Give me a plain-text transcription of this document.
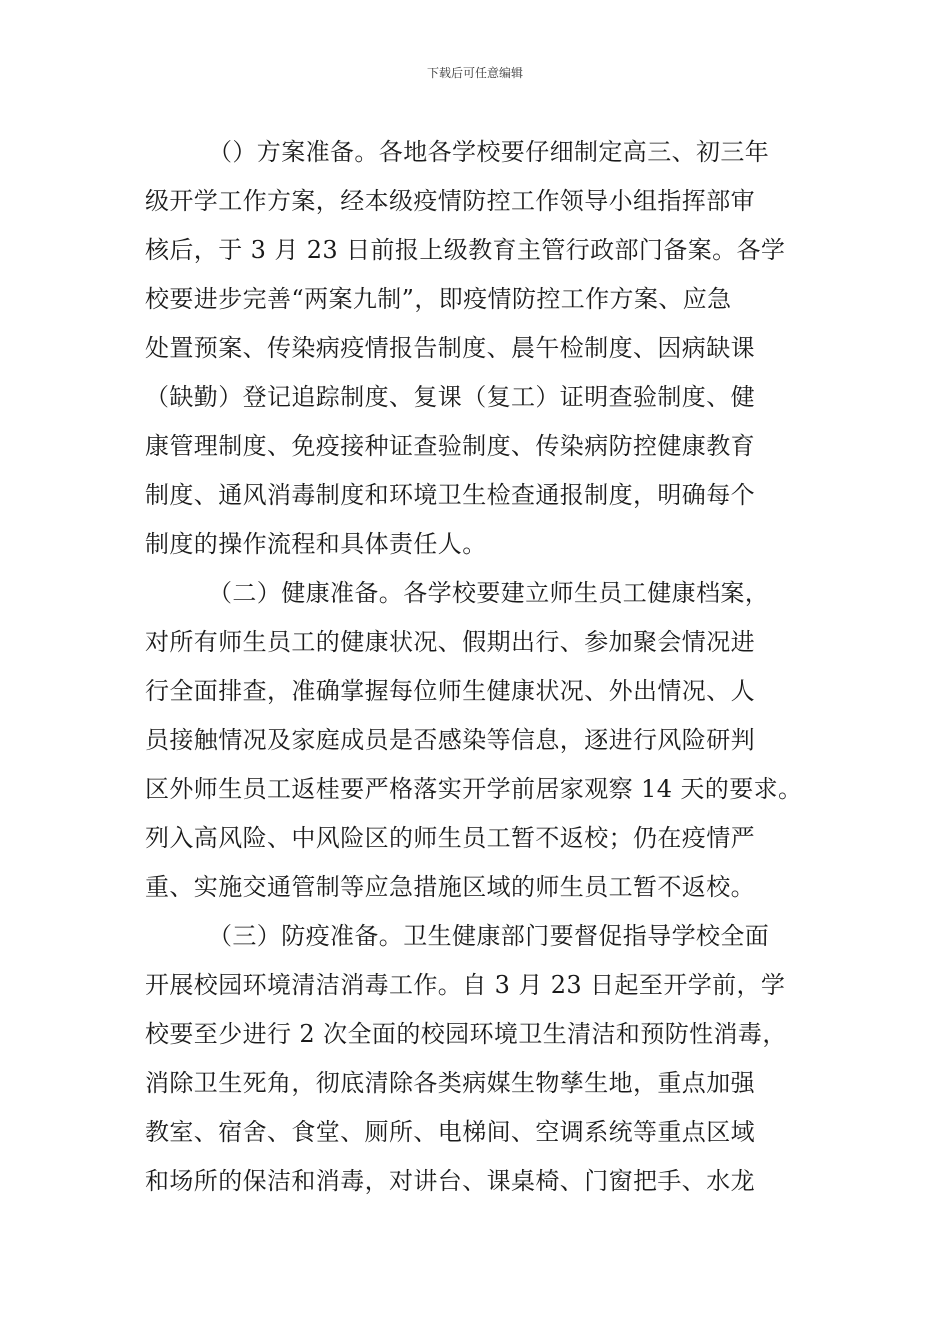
下载后可任意编辑
（）方案准备。各地各学校要仔细制定高三、初三年
级开学工作方案，经本级疫情防控工作领导小组指挥部审
核后，于 3 月 23 日前报上级教育主管行政部门备案。各学
校要进步完善“两案九制”，即疫情防控工作方案、应急
处置预案、传染病疫情报告制度、晨午检制度、因病缺课
（缺勤）登记追踪制度、复课（复工）证明查验制度、健
康管理制度、免疫接种证查验制度、传染病防控健康教育
制度、通风消毒制度和环境卫生检查通报制度，明确每个
制度的操作流程和具体责任人。
（二）健康准备。各学校要建立师生员工健康档案，
对所有师生员工的健康状况、假期出行、参加聚会情况进
行全面排查，准确掌握每位师生健康状况、外出情况、人
员接触情况及家庭成员是否感染等信息，逐进行风险研判
区外师生员工返桂要严格落实开学前居家观察 14 天的要求。
列入高风险、中风险区的师生员工暂不返校；仍在疫情严
重、实施交通管制等应急措施区域的师生员工暂不返校。
（三）防疫准备。卫生健康部门要督促指导学校全面
开展校园环境清洁消毒工作。自 3 月 23 日起至开学前，学
校要至少进行 2 次全面的校园环境卫生清洁和预防性消毒，
消除卫生死角，彻底清除各类病媒生物孳生地，重点加强
教室、宿舍、食堂、厕所、电梯间、空调系统等重点区域
和场所的保洁和消毒，对讲台、课桌椅、门窗把手、水龙
